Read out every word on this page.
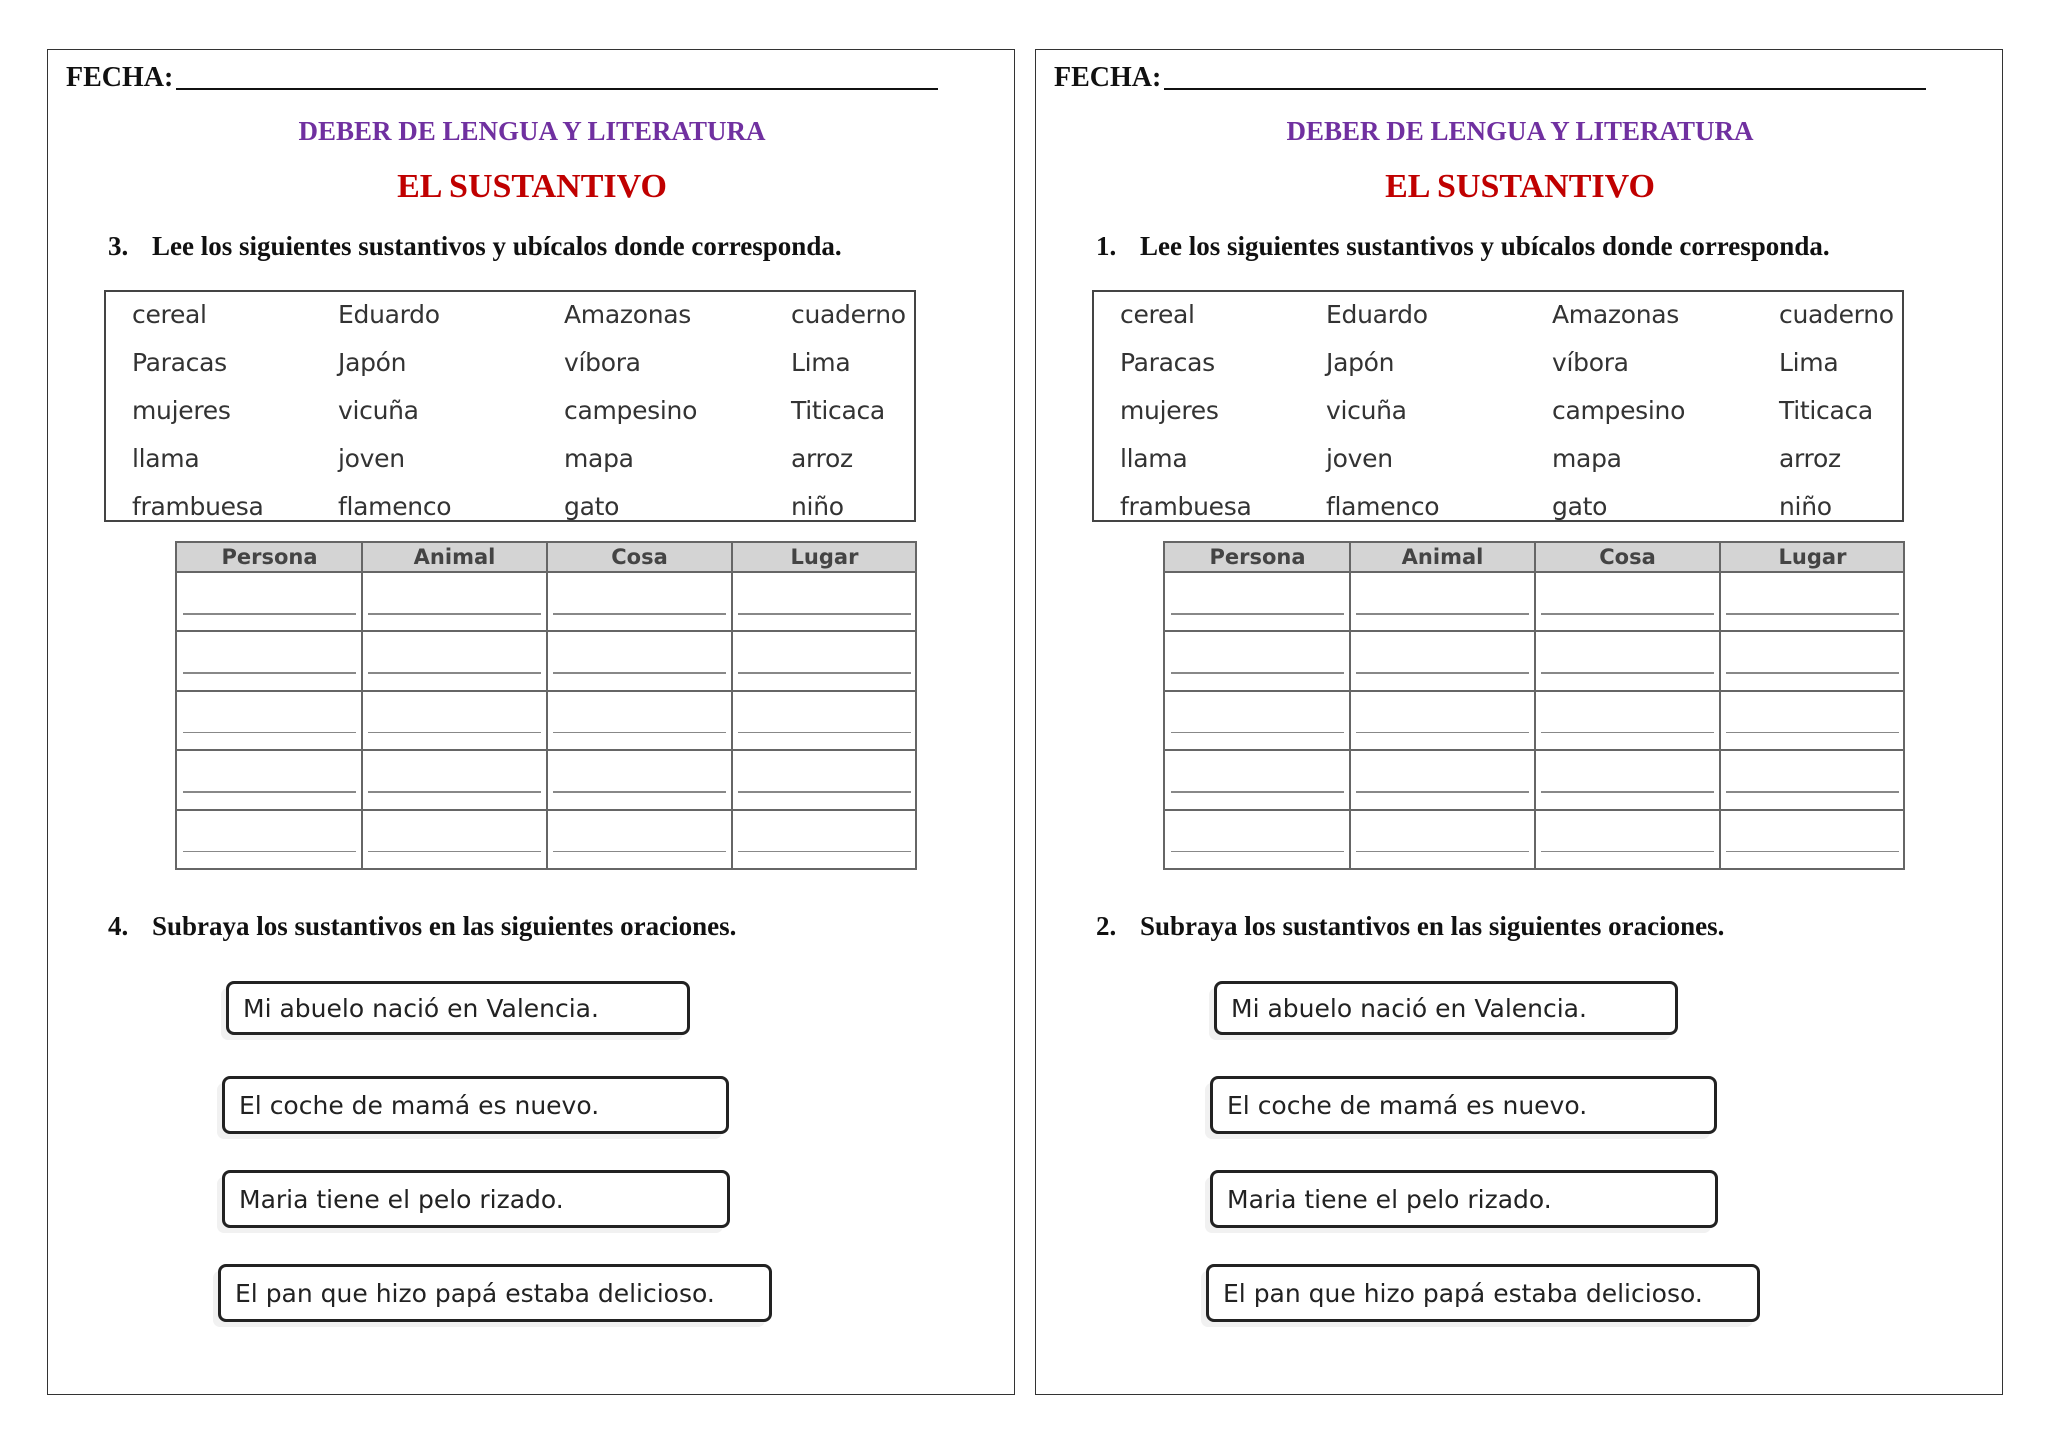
FECHA:
DEBER DE LENGUA Y LITERATURA
EL SUSTANTIVO
3. Lee los siguientes sustantivos y ubícalos donde corresponda.
cereal	Eduardo	Amazonas	cuaderno
Paracas	Japón	víbora	Lima
mujeres	vicuña	campesino	Titicaca
llama	joven	mapa	arroz
frambuesa	flamenco	gato	niño
Persona	Animal	Cosa	Lugar
4. Subraya los sustantivos en las siguientes oraciones.
Mi abuelo nació en Valencia.
El coche de mamá es nuevo.
Maria tiene el pelo rizado.
El pan que hizo papá estaba delicioso.
FECHA:
DEBER DE LENGUA Y LITERATURA
EL SUSTANTIVO
1. Lee los siguientes sustantivos y ubícalos donde corresponda.
cereal	Eduardo	Amazonas	cuaderno
Paracas	Japón	víbora	Lima
mujeres	vicuña	campesino	Titicaca
llama	joven	mapa	arroz
frambuesa	flamenco	gato	niño
Persona	Animal	Cosa	Lugar
2. Subraya los sustantivos en las siguientes oraciones.
Mi abuelo nació en Valencia.
El coche de mamá es nuevo.
Maria tiene el pelo rizado.
El pan que hizo papá estaba delicioso.
